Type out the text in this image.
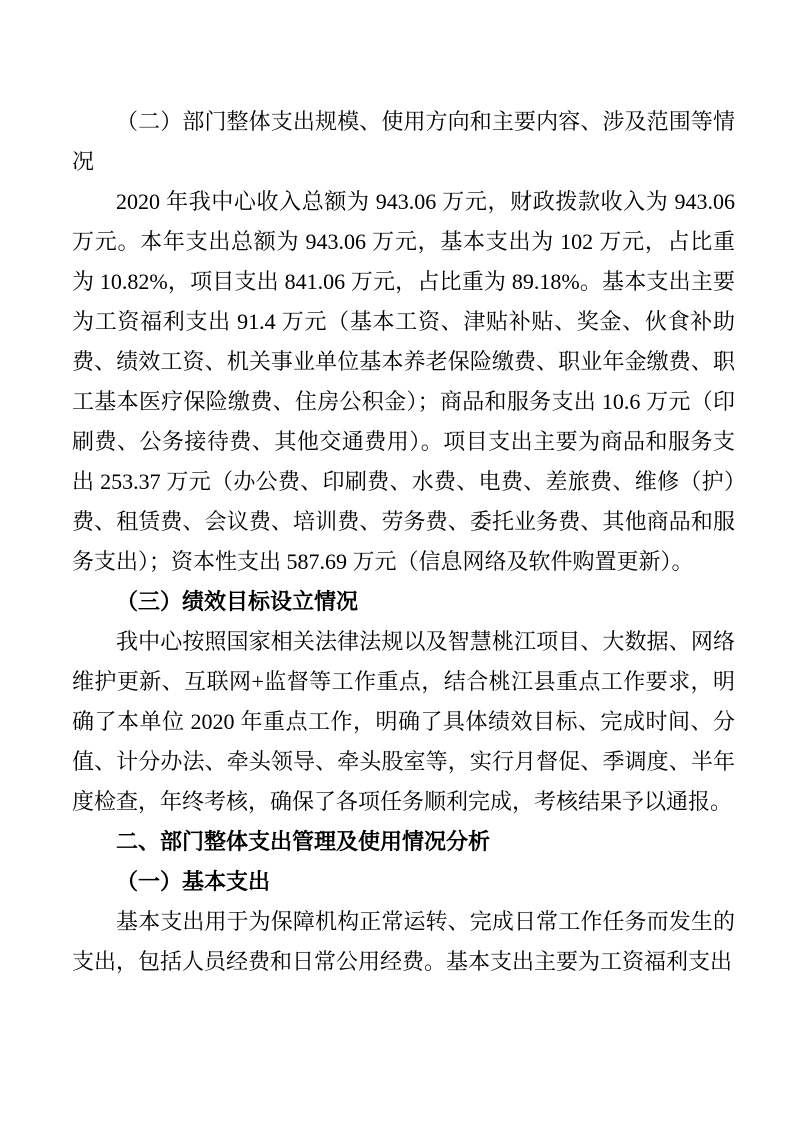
（二）部门整体支出规模、使用方向和主要内容、涉及范围等情况

2020 年我中心收入总额为 943.06 万元，财政拨款收入为 943.06 万元。本年支出总额为 943.06 万元，基本支出为 102 万元，占比重为 10.82%，项目支出 841.06 万元，占比重为 89.18%。基本支出主要为工资福利支出 91.4 万元（基本工资、津贴补贴、奖金、伙食补助费、绩效工资、机关事业单位基本养老保险缴费、职业年金缴费、职工基本医疗保险缴费、住房公积金）；商品和服务支出 10.6 万元（印刷费、公务接待费、其他交通费用）。项目支出主要为商品和服务支出 253.37 万元（办公费、印刷费、水费、电费、差旅费、维修（护）费、租赁费、会议费、培训费、劳务费、委托业务费、其他商品和服务支出）；资本性支出 587.69 万元（信息网络及软件购置更新）。

（三）绩效目标设立情况

我中心按照国家相关法律法规以及智慧桃江项目、大数据、网络维护更新、互联网+监督等工作重点，结合桃江县重点工作要求，明确了本单位 2020 年重点工作，明确了具体绩效目标、完成时间、分值、计分办法、牵头领导、牵头股室等，实行月督促、季调度、半年度检查，年终考核，确保了各项任务顺利完成，考核结果予以通报。

二、部门整体支出管理及使用情况分析

（一）基本支出

基本支出用于为保障机构正常运转、完成日常工作任务而发生的支出，包括人员经费和日常公用经费。基本支出主要为工资福利支出
